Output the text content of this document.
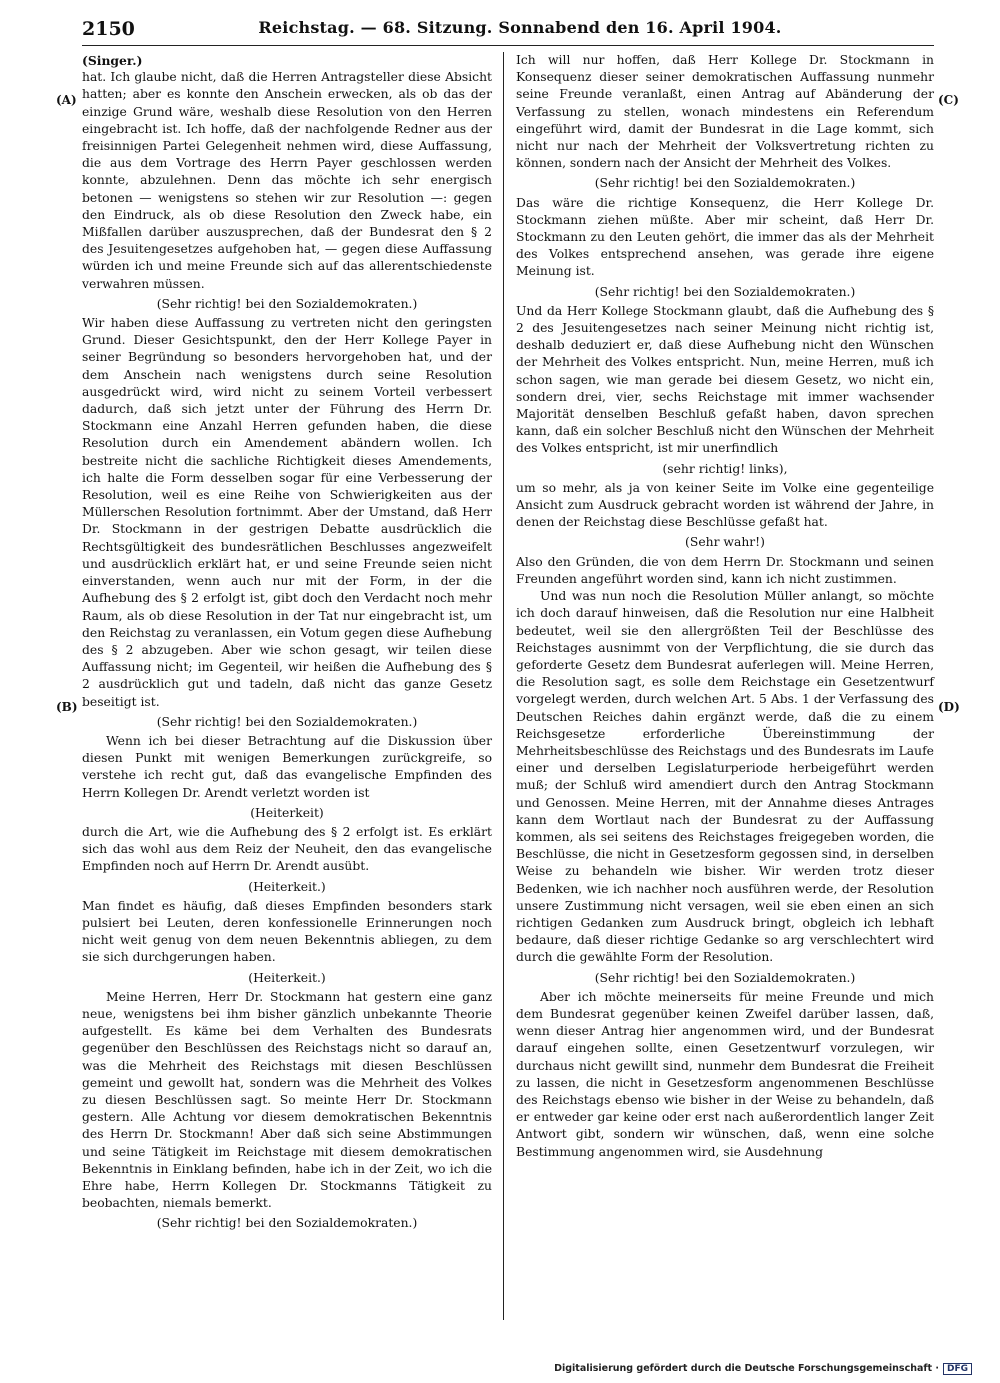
2150	Reichstag. — 68. Sitzung. Sonnabend den 16. April 1904.
(A)
(B)
(C)
(D)

(Singer.)

hat. Ich glaube nicht, daß die Herren Antragsteller diese Absicht hatten; aber es konnte den Anschein erwecken, als ob das der einzige Grund wäre, weshalb diese Resolution von den Herren eingebracht ist. Ich hoffe, daß der nachfolgende Redner aus der freisinnigen Partei Gelegenheit nehmen wird, diese Auffassung, die aus dem Vortrage des Herrn Payer geschlossen werden konnte, abzulehnen. Denn das möchte ich sehr energisch betonen — wenigstens so stehen wir zur Resolution —: gegen den Eindruck, als ob diese Resolution den Zweck habe, ein Mißfallen darüber auszusprechen, daß der Bundesrat den § 2 des Jesuitengesetzes aufgehoben hat, — gegen diese Auffassung würden ich und meine Freunde sich auf das allerentschiedenste verwahren müssen.

(Sehr richtig! bei den Sozialdemokraten.)

Wir haben diese Auffassung zu vertreten nicht den geringsten Grund. Dieser Gesichtspunkt, den der Herr Kollege Payer in seiner Begründung so besonders hervorgehoben hat, und der dem Anschein nach wenigstens durch seine Resolution ausgedrückt wird, wird nicht zu seinem Vorteil verbessert dadurch, daß sich jetzt unter der Führung des Herrn Dr. Stockmann eine Anzahl Herren gefunden haben, die diese Resolution durch ein Amendement abändern wollen. Ich bestreite nicht die sachliche Richtigkeit dieses Amendements, ich halte die Form desselben sogar für eine Verbesserung der Resolution, weil es eine Reihe von Schwierigkeiten aus der Müllerschen Resolution fortnimmt. Aber der Umstand, daß Herr Dr. Stockmann in der gestrigen Debatte ausdrücklich die Rechtsgültigkeit des bundesrätlichen Beschlusses angezweifelt und ausdrücklich erklärt hat, er und seine Freunde seien nicht einverstanden, wenn auch nur mit der Form, in der die Aufhebung des § 2 erfolgt ist, gibt doch den Verdacht noch mehr Raum, als ob diese Resolution in der Tat nur eingebracht ist, um den Reichstag zu veranlassen, ein Votum gegen diese Aufhebung des § 2 abzugeben. Aber wie schon gesagt, wir teilen diese Auffassung nicht; im Gegenteil, wir heißen die Aufhebung des § 2 ausdrücklich gut und tadeln, daß nicht das ganze Gesetz beseitigt ist.

(Sehr richtig! bei den Sozialdemokraten.)

Wenn ich bei dieser Betrachtung auf die Diskussion über diesen Punkt mit wenigen Bemerkungen zurückgreife, so verstehe ich recht gut, daß das evangelische Empfinden des Herrn Kollegen Dr. Arendt verletzt worden ist

(Heiterkeit)

durch die Art, wie die Aufhebung des § 2 erfolgt ist. Es erklärt sich das wohl aus dem Reiz der Neuheit, den das evangelische Empfinden noch auf Herrn Dr. Arendt ausübt.

(Heiterkeit.)

Man findet es häufig, daß dieses Empfinden besonders stark pulsiert bei Leuten, deren konfessionelle Erinnerungen noch nicht weit genug von dem neuen Bekenntnis abliegen, zu dem sie sich durchgerungen haben.

(Heiterkeit.)

Meine Herren, Herr Dr. Stockmann hat gestern eine ganz neue, wenigstens bei ihm bisher gänzlich unbekannte Theorie aufgestellt. Es käme bei dem Verhalten des Bundesrats gegenüber den Beschlüssen des Reichstags nicht so darauf an, was die Mehrheit des Reichstags mit diesen Beschlüssen gemeint und gewollt hat, sondern was die Mehrheit des Volkes zu diesen Beschlüssen sagt. So meinte Herr Dr. Stockmann gestern. Alle Achtung vor diesem demokratischen Bekenntnis des Herrn Dr. Stockmann! Aber daß sich seine Abstimmungen und seine Tätigkeit im Reichstage mit diesem demokratischen Bekenntnis in Einklang befinden, habe ich in der Zeit, wo ich die Ehre habe, Herrn Kollegen Dr. Stockmanns Tätigkeit zu beobachten, niemals bemerkt.

(Sehr richtig! bei den Sozialdemokraten.)

Ich will nur hoffen, daß Herr Kollege Dr. Stockmann in Konsequenz dieser seiner demokratischen Auffassung nunmehr seine Freunde veranlaßt, einen Antrag auf Abänderung der Verfassung zu stellen, wonach mindestens ein Referendum eingeführt wird, damit der Bundesrat in die Lage kommt, sich nicht nur nach der Mehrheit der Volksvertretung richten zu können, sondern nach der Ansicht der Mehrheit des Volkes.

(Sehr richtig! bei den Sozialdemokraten.)

Das wäre die richtige Konsequenz, die Herr Kollege Dr. Stockmann ziehen müßte. Aber mir scheint, daß Herr Dr. Stockmann zu den Leuten gehört, die immer das als der Mehrheit des Volkes entsprechend ansehen, was gerade ihre eigene Meinung ist.

(Sehr richtig! bei den Sozialdemokraten.)

Und da Herr Kollege Stockmann glaubt, daß die Aufhebung des § 2 des Jesuitengesetzes nach seiner Meinung nicht richtig ist, deshalb deduziert er, daß diese Aufhebung nicht den Wünschen der Mehrheit des Volkes entspricht. Nun, meine Herren, muß ich schon sagen, wie man gerade bei diesem Gesetz, wo nicht ein, sondern drei, vier, sechs Reichstage mit immer wachsender Majorität denselben Beschluß gefaßt haben, davon sprechen kann, daß ein solcher Beschluß nicht den Wünschen der Mehrheit des Volkes entspricht, ist mir unerfindlich

(sehr richtig! links),

um so mehr, als ja von keiner Seite im Volke eine gegenteilige Ansicht zum Ausdruck gebracht worden ist während der Jahre, in denen der Reichstag diese Beschlüsse gefaßt hat.

(Sehr wahr!)

Also den Gründen, die von dem Herrn Dr. Stockmann und seinen Freunden angeführt worden sind, kann ich nicht zustimmen.

Und was nun noch die Resolution Müller anlangt, so möchte ich doch darauf hinweisen, daß die Resolution nur eine Halbheit bedeutet, weil sie den allergrößten Teil der Beschlüsse des Reichstages ausnimmt von der Verpflichtung, die sie durch das geforderte Gesetz dem Bundesrat auferlegen will. Meine Herren, die Resolution sagt, es solle dem Reichstage ein Gesetzentwurf vorgelegt werden, durch welchen Art. 5 Abs. 1 der Verfassung des Deutschen Reiches dahin ergänzt werde, daß die zu einem Reichsgesetze erforderliche Übereinstimmung der Mehrheitsbeschlüsse des Reichstags und des Bundesrats im Laufe einer und derselben Legislaturperiode herbeigeführt werden muß; der Schluß wird amendiert durch den Antrag Stockmann und Genossen. Meine Herren, mit der Annahme dieses Antrages kann dem Wortlaut nach der Bundesrat zu der Auffassung kommen, als sei seitens des Reichstages freigegeben worden, die Beschlüsse, die nicht in Gesetzesform gegossen sind, in derselben Weise zu behandeln wie bisher. Wir werden trotz dieser Bedenken, wie ich nachher noch ausführen werde, der Resolution unsere Zustimmung nicht versagen, weil sie eben einen an sich richtigen Gedanken zum Ausdruck bringt, obgleich ich lebhaft bedaure, daß dieser richtige Gedanke so arg verschlechtert wird durch die gewählte Form der Resolution.

(Sehr richtig! bei den Sozialdemokraten.)

Aber ich möchte meinerseits für meine Freunde und mich dem Bundesrat gegenüber keinen Zweifel darüber lassen, daß, wenn dieser Antrag hier angenommen wird, und der Bundesrat darauf eingehen sollte, einen Gesetzentwurf vorzulegen, wir durchaus nicht gewillt sind, nunmehr dem Bundesrat die Freiheit zu lassen, die nicht in Gesetzesform angenommenen Beschlüsse des Reichstags ebenso wie bisher in der Weise zu behandeln, daß er entweder gar keine oder erst nach außerordentlich langer Zeit Antwort gibt, sondern wir wünschen, daß, wenn eine solche Bestimmung angenommen wird, sie Ausdehnung

Digitalisierung gefördert durch die Deutsche Forschungsgemeinschaft · DFG
